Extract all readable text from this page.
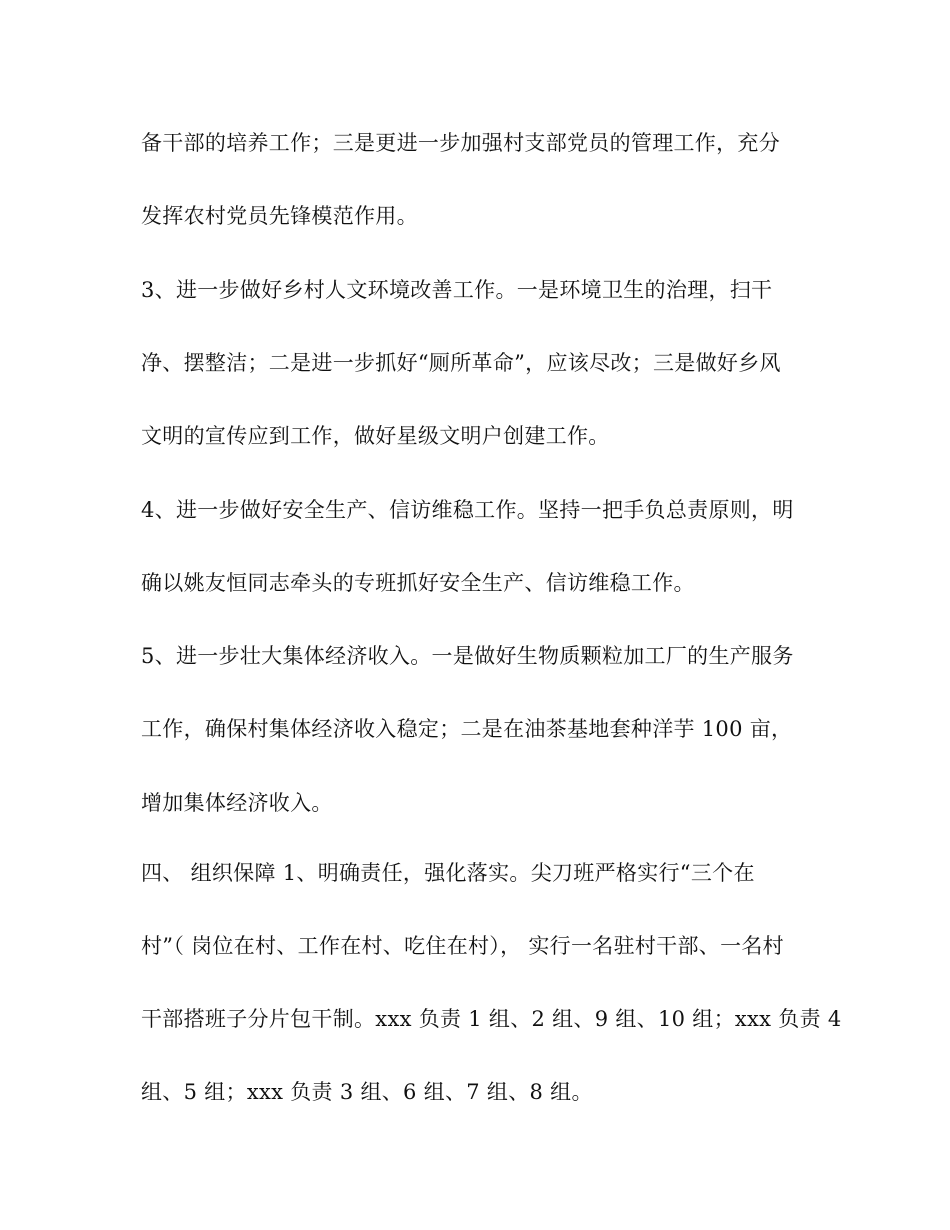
备干部的培养工作；三是更进一步加强村支部党员的管理工作，充分

发挥农村党员先锋模范作用。

3、进一步做好乡村人文环境改善工作。一是环境卫生的治理，扫干

净、摆整洁；二是进一步抓好“厕所革命”，应该尽改；三是做好乡风

文明的宣传应到工作，做好星级文明户创建工作。

4、进一步做好安全生产、信访维稳工作。坚持一把手负总责原则，明

确以姚友恒同志牵头的专班抓好安全生产、信访维稳工作。

5、进一步壮大集体经济收入。一是做好生物质颗粒加工厂的生产服务

工作，确保村集体经济收入稳定；二是在油茶基地套种洋芋 100 亩，

增加集体经济收入。

四、 组织保障 1、明确责任，强化落实。尖刀班严格实行“三个在

村”（ 岗位在村、工作在村、吃住在村）， 实行一名驻村干部、一名村

干部搭班子分片包干制。xxx 负责 1 组、2 组、9 组、10 组；xxx 负责 4

组、5 组；xxx 负责 3 组、6 组、7 组、8 组。
